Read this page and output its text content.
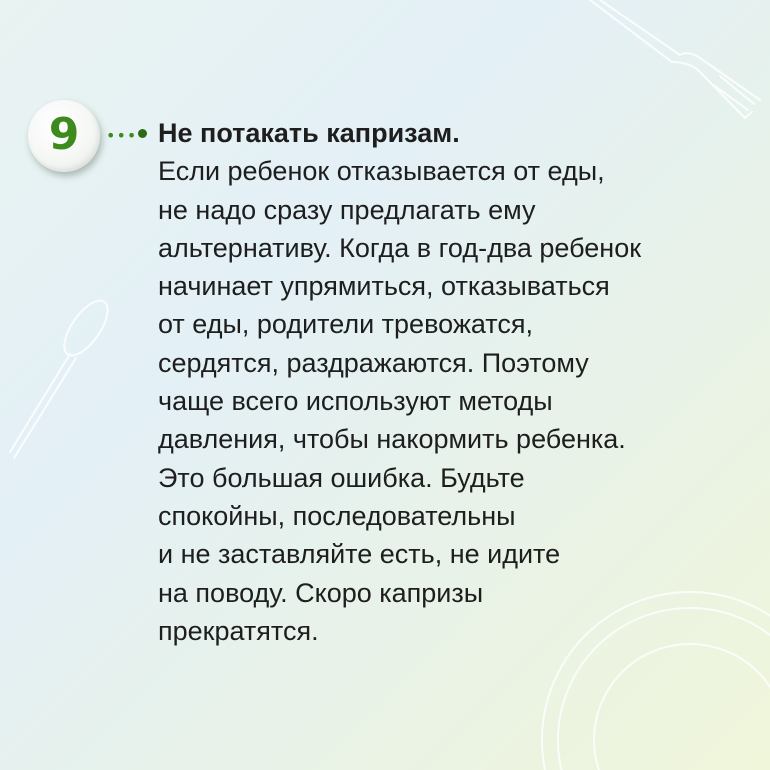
9 ••• Не потакать капризам.
Если ребенок отказывается от еды,
не надо сразу предлагать ему
альтернативу. Когда в год-два ребенок
начинает упрямиться, отказываться
от еды, родители тревожатся,
сердятся, раздражаются. Поэтому
чаще всего используют методы
давления, чтобы накормить ребенка.
Это большая ошибка. Будьте
спокойны, последовательны
и не заставляйте есть, не идите
на поводу. Скоро капризы
прекратятся.
